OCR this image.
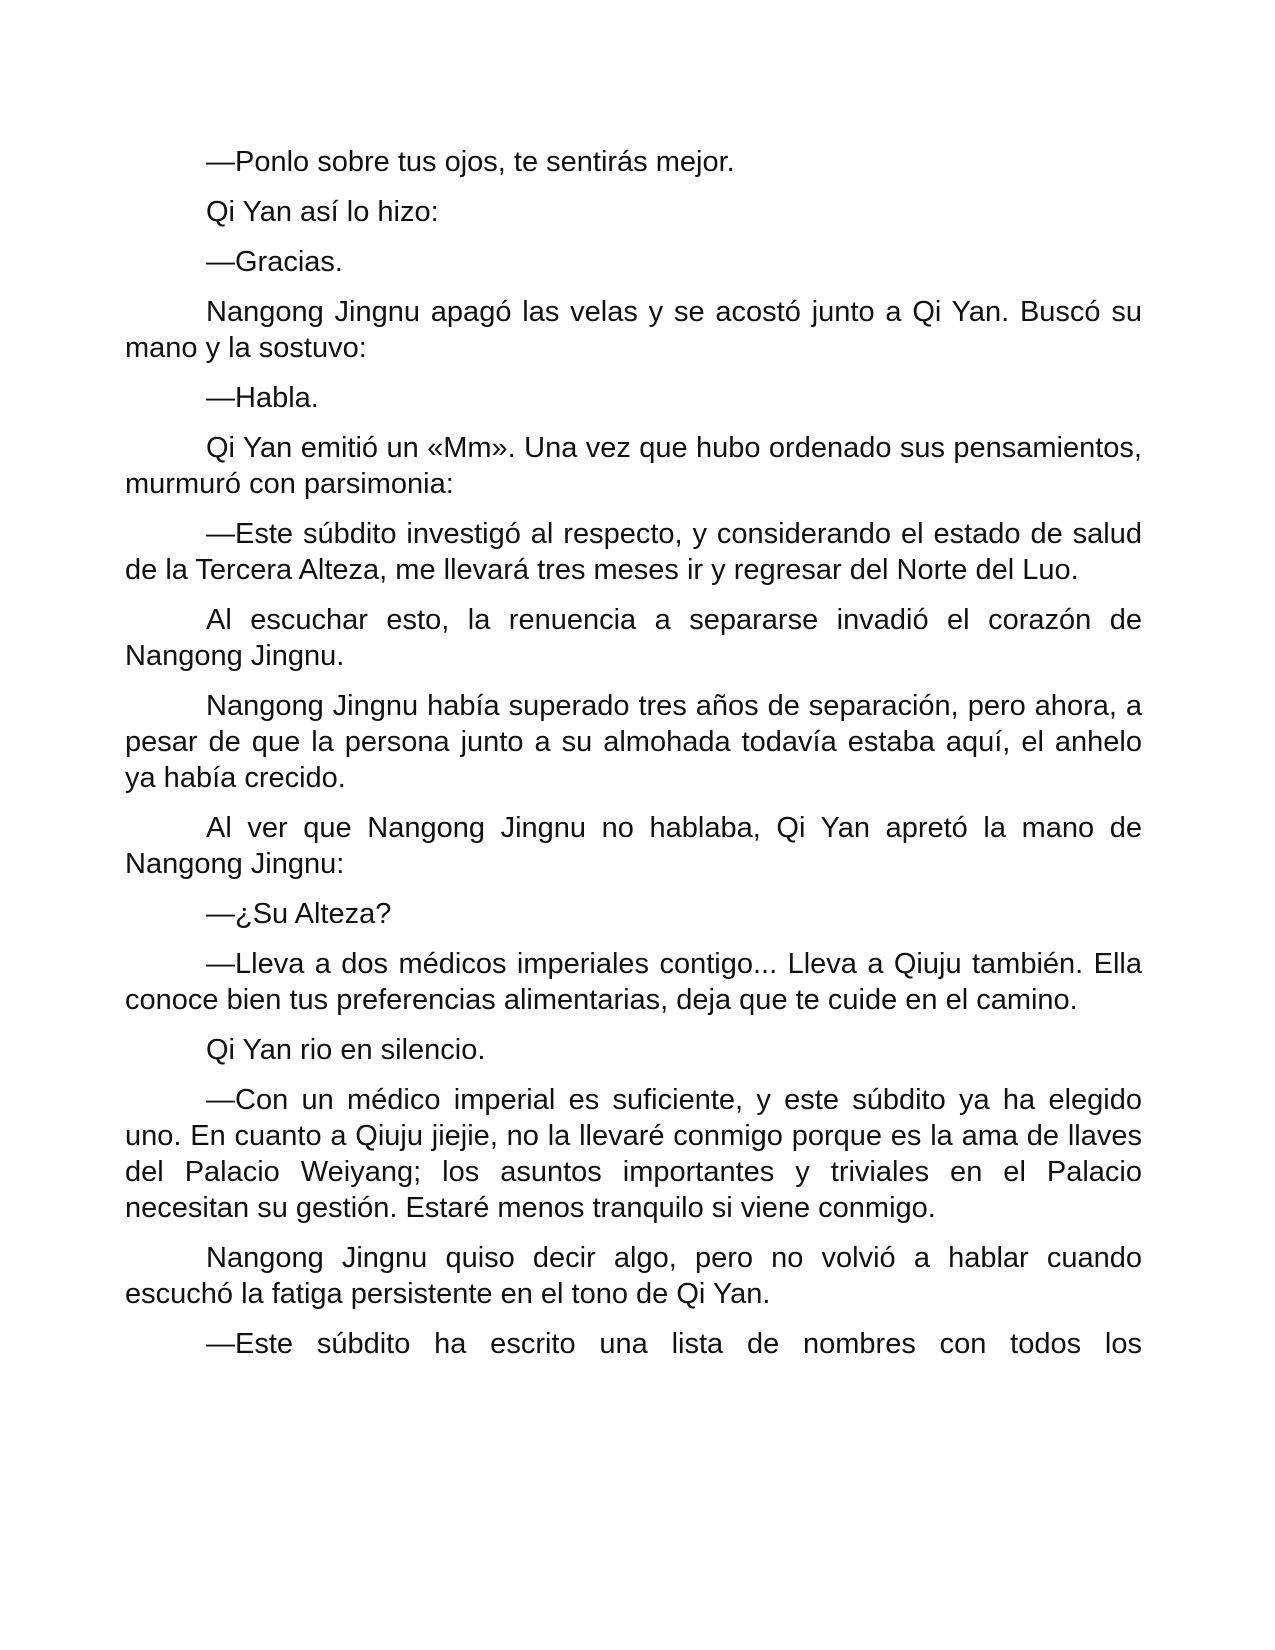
—Ponlo sobre tus ojos, te sentirás mejor.

Qi Yan así lo hizo:

—Gracias.

Nangong Jingnu apagó las velas y se acostó junto a Qi Yan. Buscó su mano y la sostuvo:

—Habla.

Qi Yan emitió un «Mm». Una vez que hubo ordenado sus pensamientos, murmuró con parsimonia:

—Este súbdito investigó al respecto, y considerando el estado de salud de la Tercera Alteza, me llevará tres meses ir y regresar del Norte del Luo.

Al escuchar esto, la renuencia a separarse invadió el corazón de Nangong Jingnu.

Nangong Jingnu había superado tres años de separación, pero ahora, a pesar de que la persona junto a su almohada todavía estaba aquí, el anhelo ya había crecido.

Al ver que Nangong Jingnu no hablaba, Qi Yan apretó la mano de Nangong Jingnu:

—¿Su Alteza?

—Lleva a dos médicos imperiales contigo... Lleva a Qiuju también. Ella conoce bien tus preferencias alimentarias, deja que te cuide en el camino.

Qi Yan rio en silencio.

—Con un médico imperial es suficiente, y este súbdito ya ha elegido uno. En cuanto a Qiuju jiejie, no la llevaré conmigo porque es la ama de llaves del Palacio Weiyang; los asuntos importantes y triviales en el Palacio necesitan su gestión. Estaré menos tranquilo si viene conmigo.

Nangong Jingnu quiso decir algo, pero no volvió a hablar cuando escuchó la fatiga persistente en el tono de Qi Yan.

—Este súbdito ha escrito una lista de nombres con todos los
